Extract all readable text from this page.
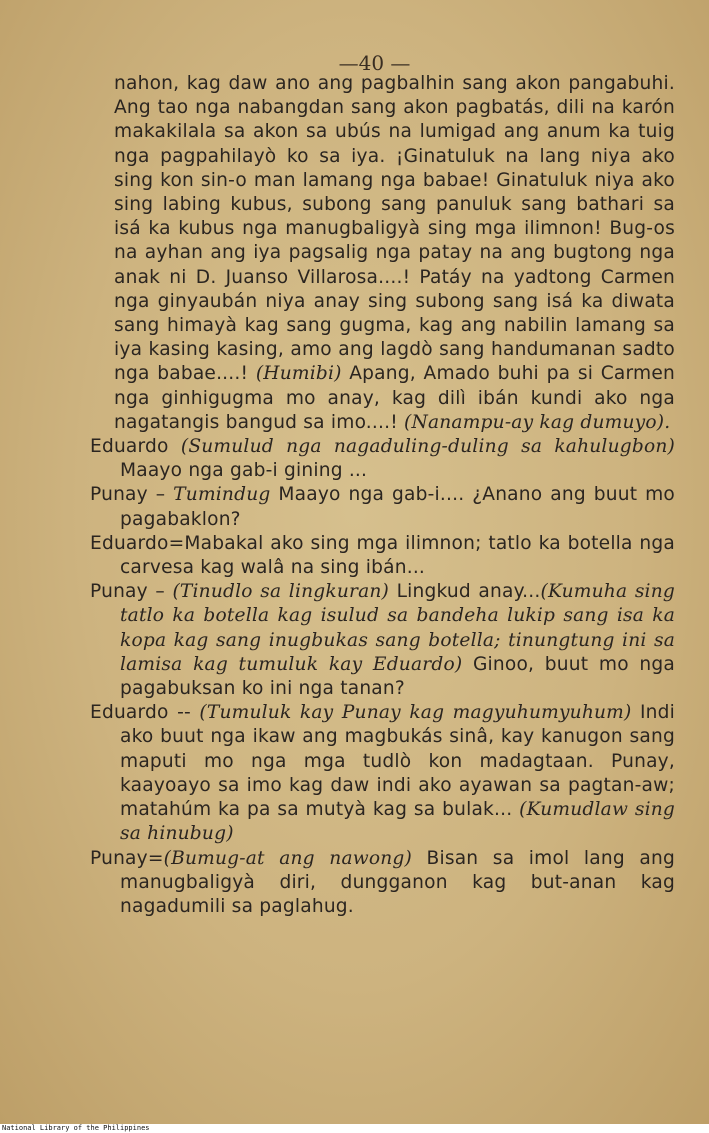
—40 —

nahon, kag daw ano ang pagbalhin sang akon pangabuhi. Ang tao nga nabangdan sang akon pagbatás, dili na karón makakilala sa akon sa ubús na lumigad ang anum ka tuig nga pagpahilayò ko sa iya. ¡Ginatuluk na lang niya ako sing kon sin-o man lamang nga babae! Ginatuluk niya ako sing labing kubus, subong sang panuluk sang bathari sa isá ka kubus nga manugbaligyà sing mga ilimnon! Bug-os na ayhan ang iya pagsalig nga patay na ang bugtong nga anak ni D. Juanso Villarosa....! Patáy na yadtong Carmen nga ginyaubán niya anay sing subong sang isá ka diwata sang himayà kag sang gugma, kag ang nabilin lamang sa iya kasing kasing, amo ang lagdò sang handumanan sadto nga babae....! (Humibi) Apang, Amado buhi pa si Carmen nga ginhigugma mo anay, kag dilì ibán kundi ako nga nagatangis bangud sa imo....! (Nanampu-ay kag dumuyo).

Eduardo (Sumulud nga nagaduling-duling sa kahulugbon) Maayo nga gab-i gining ...

Punay – Tumindug Maayo nga gab-i.... ¿Anano ang buut mo pagabaklon?

Eduardo=Mabakal ako sing mga ilimnon; tatlo ka botella nga carvesa kag walâ na sing ibán...

Punay – (Tinudlo sa lingkuran) Lingkud anay...(Kumuha sing tatlo ka botella kag isulud sa bandeha lukip sang isa ka kopa kag sang inugbukas sang botella; tinungtung ini sa lamisa kag tumuluk kay Eduardo) Ginoo, buut mo nga pagabuksan ko ini nga tanan?

Eduardo -- (Tumuluk kay Punay kag magyuhumyuhum) Indi ako buut nga ikaw ang magbukás sinâ, kay kanugon sang maputi mo nga mga tudlò kon madagtaan. Punay, kaayoayo sa imo kag daw indi ako ayawan sa pagtan-aw; matahúm ka pa sa mutyà kag sa bulak... (Kumudlaw sing sa hinubug)

Punay=(Bumug-at ang nawong) Bisan sa imol lang ang manugbaligyà diri, dungganon kag but-anan kag nagadumili sa paglahug.

National Library of the Philippines
